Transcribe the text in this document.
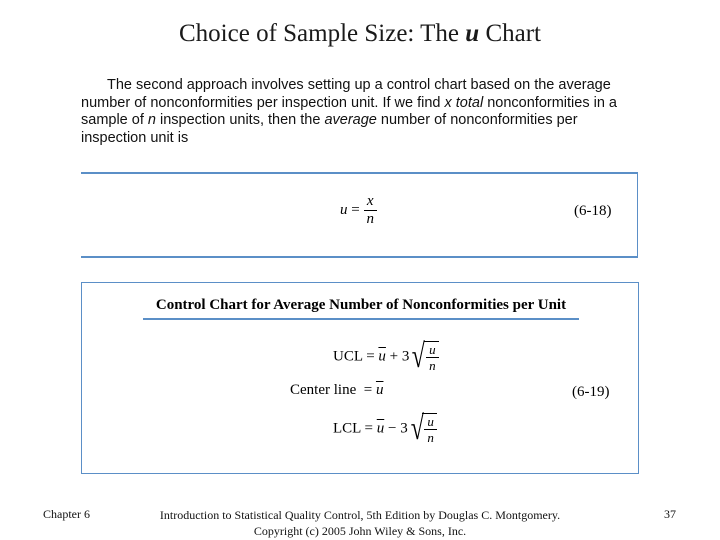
Choice of Sample Size: The u Chart
The second approach involves setting up a control chart based on the average number of nonconformities per inspection unit. If we find x total nonconformities in a sample of n inspection units, then the average number of nonconformities per inspection unit is
$u = \frac{x}{n}$	(6-18)
Control Chart for Average Number of Nonconformities per Unit
UCL = $\overline{u} + 3$ √ $\frac{u}{n}$
Center line = $\overline{u}$	(6-19)
LCL = $\overline{u} - 3$ √ $\frac{u}{n}$
Chapter 6	Introduction to Statistical Quality Control, 5th Edition by Douglas C. Montgomery.
Copyright (c) 2005 John Wiley & Sons, Inc.
37
